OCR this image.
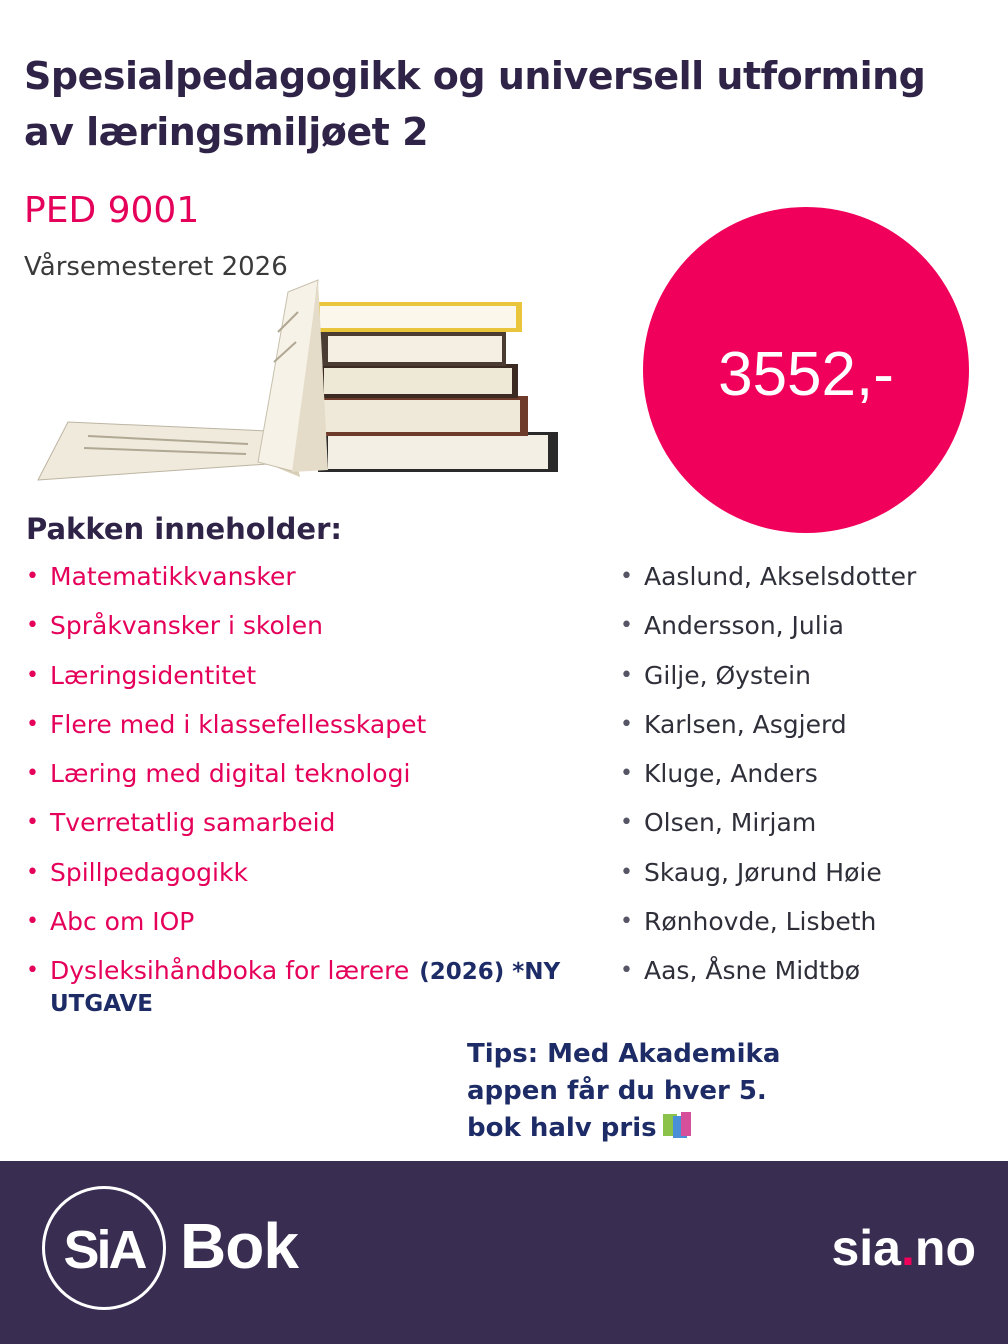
Spesialpedagogikk og universell utforming av læringsmiljøet 2
PED 9001

Vårsemesteret 2026

3552,-
Pakken inneholder:
• Matematikkvansker
• Språkvansker i skolen
• Læringsidentitet
• Flere med i klassefellesskapet
• Læring med digital teknologi
• Tverretatlig samarbeid
• Spillpedagogikk
• Abc om IOP
• Dysleksihåndboka for lærere (2026) *NY
UTGAVE
• Aaslund, Akselsdotter
• Andersson, Julia
• Gilje, Øystein
• Karlsen, Asgjerd
• Kluge, Anders
• Olsen, Mirjam
• Skaug, Jørund Høie
• Rønhovde, Lisbeth
• Aas, Åsne Midtbø

Tips: Med Akademika appen får du hver 5. bok halv pris

SiA Bok	sia.no
